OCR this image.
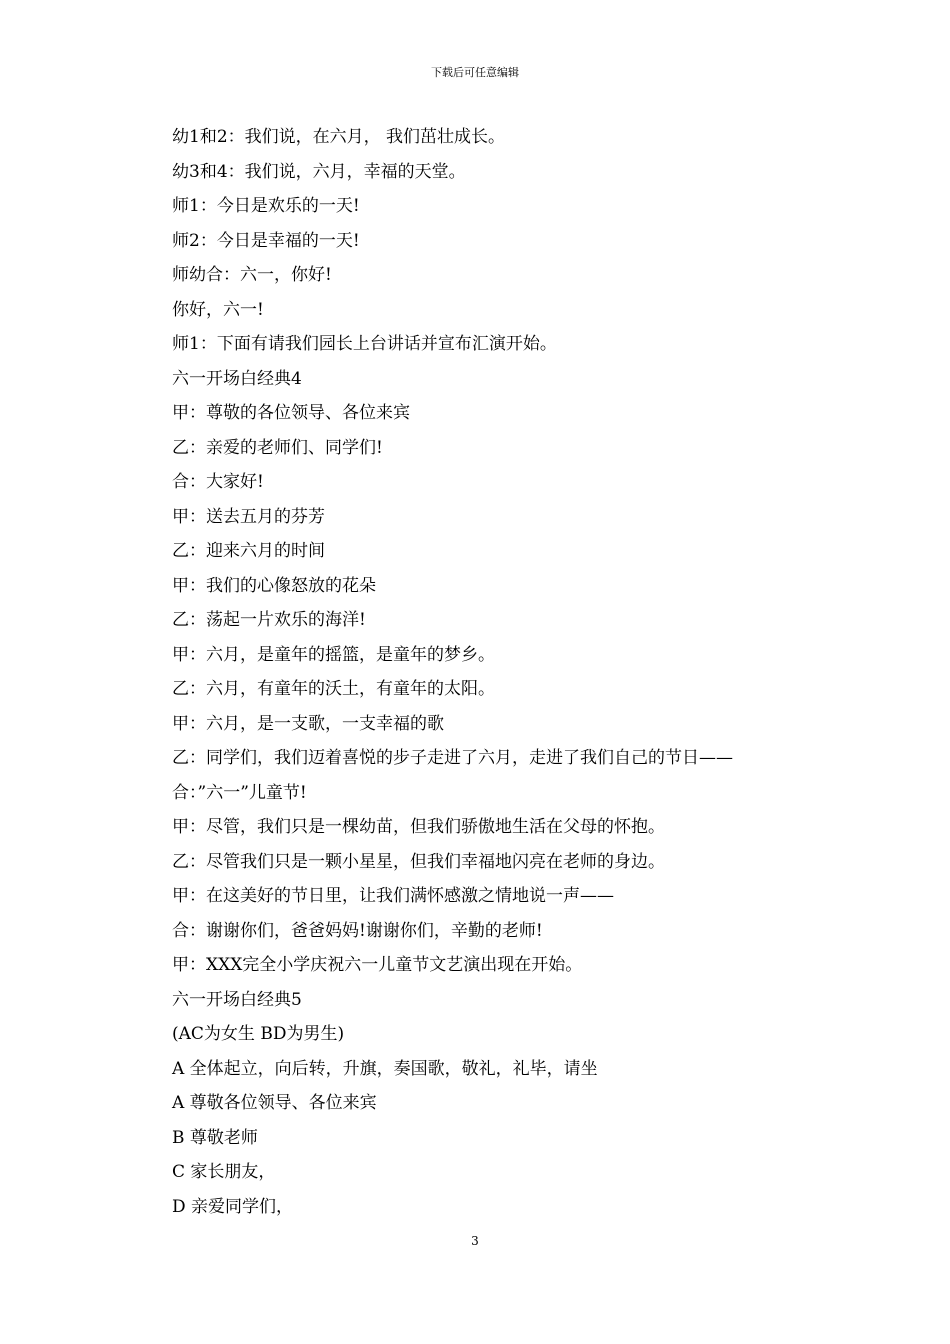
下载后可任意编辑
幼1和2：我们说，在六月， 我们茁壮成长。
幼3和4：我们说，六月，幸福的天堂。
师1：今日是欢乐的一天!
师2：今日是幸福的一天!
师幼合：六一，你好!
你好，六一!
师1：下面有请我们园长上台讲话并宣布汇演开始。
六一开场白经典4
甲：尊敬的各位领导、各位来宾
乙：亲爱的老师们、同学们!
合：大家好!
甲：送去五月的芬芳
乙：迎来六月的时间
甲：我们的心像怒放的花朵
乙：荡起一片欢乐的海洋!
甲：六月，是童年的摇篮，是童年的梦乡。
乙：六月，有童年的沃土，有童年的太阳。
甲：六月，是一支歌，一支幸福的歌
乙：同学们，我们迈着喜悦的步子走进了六月，走进了我们自己的节日——
合：”六一”儿童节!
甲：尽管，我们只是一棵幼苗，但我们骄傲地生活在父母的怀抱。
乙：尽管我们只是一颗小星星，但我们幸福地闪亮在老师的身边。
甲：在这美好的节日里，让我们满怀感激之情地说一声——
合：谢谢你们，爸爸妈妈!谢谢你们，辛勤的老师!
甲：XXX完全小学庆祝六一儿童节文艺演出现在开始。
六一开场白经典5
(AC为女生 BD为男生)
A 全体起立，向后转，升旗，奏国歌，敬礼，礼毕，请坐
A 尊敬各位领导、各位来宾
B 尊敬老师
C 家长朋友，
D 亲爱同学们，
3
